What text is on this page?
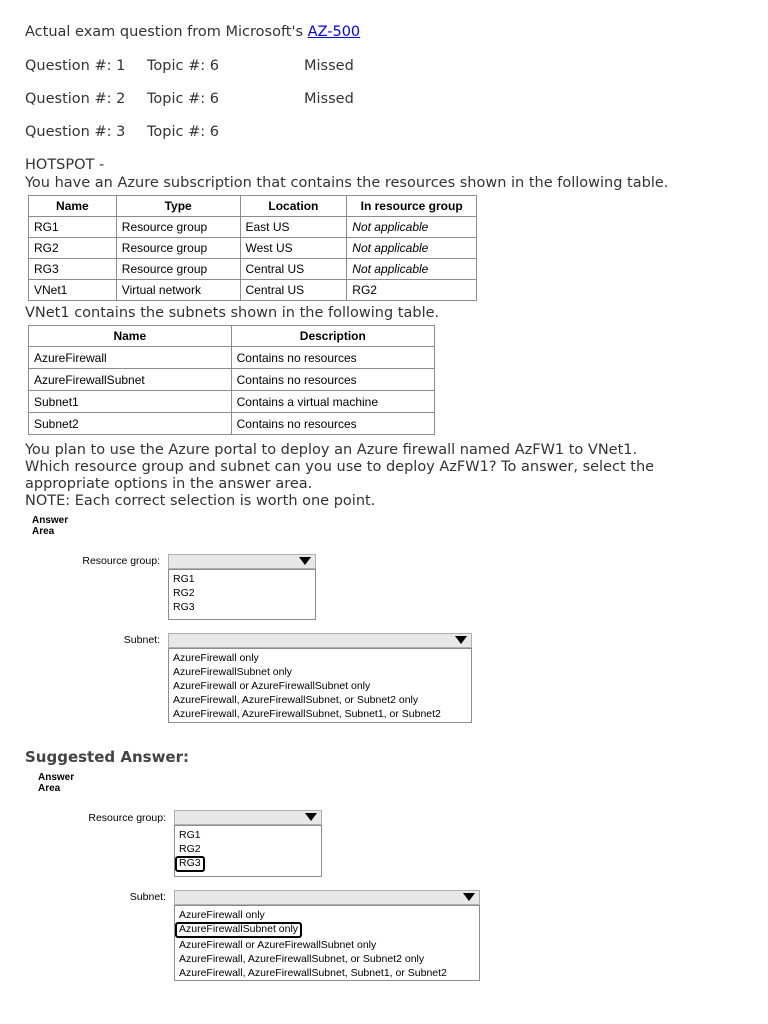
Actual exam question from Microsoft's AZ-500
Question #: 1 Topic #: 6	Missed
Question #: 2 Topic #: 6	Missed
Question #: 3 Topic #: 6
HOTSPOT -
You have an Azure subscription that contains the resources shown in the following table.
Name	Type	Location	In resource group
RG1	Resource group	East US	Not applicable
RG2	Resource group	West US	Not applicable
RG3	Resource group	Central US	Not applicable
VNet1	Virtual network	Central US	RG2
VNet1 contains the subnets shown in the following table.
Name	Description
AzureFirewall	Contains no resources
AzureFirewallSubnet	Contains no resources
Subnet1	Contains a virtual machine
Subnet2	Contains no resources
You plan to use the Azure portal to deploy an Azure firewall named AzFW1 to VNet1.
Which resource group and subnet can you use to deploy AzFW1? To answer, select the
appropriate options in the answer area.
NOTE: Each correct selection is worth one point.
Answer Area
Resource group:
RG1
RG2
RG3
Subnet:
AzureFirewall only
AzureFirewallSubnet only
AzureFirewall or AzureFirewallSubnet only
AzureFirewall, AzureFirewallSubnet, or Subnet2 only
AzureFirewall, AzureFirewallSubnet, Subnet1, or Subnet2
Suggested Answer:
Answer Area
Resource group:
RG1
RG2
RG3
Subnet:
AzureFirewall only
AzureFirewallSubnet only
AzureFirewall or AzureFirewallSubnet only
AzureFirewall, AzureFirewallSubnet, or Subnet2 only
AzureFirewall, AzureFirewallSubnet, Subnet1, or Subnet2
